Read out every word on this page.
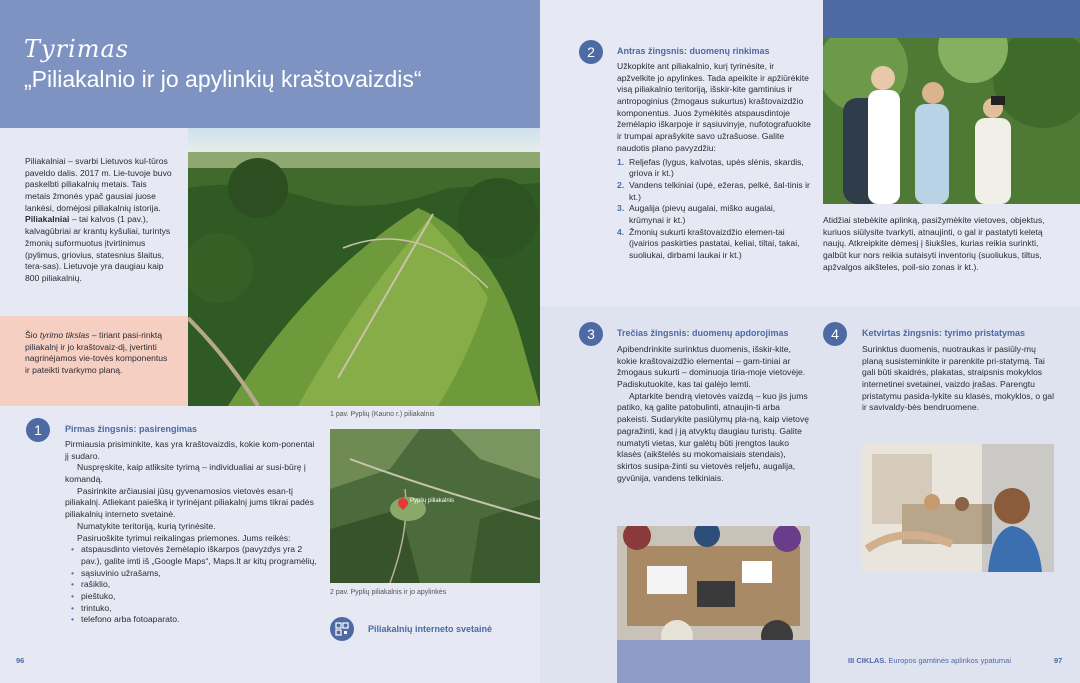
Tyrimas
„Piliakalnio ir jo apylinkių kraštovaizdis“
Piliakalniai – svarbi Lietuvos kul-tūros paveldo dalis. 2017 m. Lie-tuvoje buvo paskelbti piliakalnių metais. Tais metais žmonės ypač gausiai juose lankėsi, domėjosi piliakalnių istorija. Piliakalniai – tai kalvos (1 pav.), kalvagūbriai ar krantų kyšuliai, turintys žmonių suformuotus įtvirtinimus (pylimus, griovius, statesnius šlaitus, tera-sas). Lietuvoje yra daugiau kaip 800 piliakalnių.
Šio tyrimo tikslas – tiriant pasi-rinktą piliakalnį ir jo kraštovaiz-dį, įvertinti nagrinėjamos vie-tovės komponentus ir pateikti tvarkymo planą.
1 pav. Pyplių (Kauno r.) piliakalnis
Pyplių piliakalnis
2 pav. Pyplių piliakalnis ir jo apylinkės
Piliakalnių interneto svetainė
1	Pirmas žingsnis: pasirengimas
Pirmiausia prisiminkite, kas yra kraštovaizdis, kokie kom-ponentai jį sudaro.
Nuspręskite, kaip atliksite tyrimą – individualiai ar susi-būrę į komandą.
Pasirinkite arčiausiai jūsų gyvenamosios vietovės esan-tį piliakalnį. Atliekant paiešką ir tyrinėjant piliakalnį jums tikrai padės piliakalnių interneto svetainė.
Numatykite teritoriją, kurią tyrinėsite.
Pasiruoškite tyrimui reikalingas priemones. Jums reikės:
• atspausdinto vietovės žemėlapio iškarpos (pavyzdys yra 2 pav.), galite imti iš „Google Maps“, Maps.lt ar kitų programėlių,
• sąsiuvinio užrašams,
• rašiklio,
• pieštuko,
• trintuko,
• telefono arba fotoaparato.
96
2	Antras žingsnis: duomenų rinkimas
Užkopkite ant piliakalnio, kurį tyrinėsite, ir apžvelkite jo apylinkes. Tada apeikite ir apžiūrėkite visą piliakalnio teritoriją, išskir-kite gamtinius ir antropoginius (žmogaus sukurtus) kraštovaizdžio komponentus. Juos žymėkitės atspausdintoje žemėlapio iškarpoje ir sąsiuvinyje, nufotografuokite ir trumpai aprašykite savo užrašuose. Galite naudotis plano pavyzdžiu:
1. Reljefas (lygus, kalvotas, upės slėnis, skardis, griova ir kt.)
2. Vandens telkiniai (upė, ežeras, pelkė, šal-tinis ir kt.)
3. Augalija (pievų augalai, miško augalai, krūmynai ir kt.)
4. Žmonių sukurti kraštovaizdžio elemen-tai (įvairios paskirties pastatai, keliai, tiltai, takai, suoliukai, dirbami laukai ir kt.)
Atidžiai stebėkite aplinką, pasižymėkite vietoves, objektus, kuriuos siūlysite tvarkyti, atnaujinti, o gal ir pastatyti keletą naujų. Atkreipkite dėmesį į šiukšles, kurias reikia surinkti, galbūt kur nors reikia sutaisyti inventorių (suoliukus, tiltus, apžvalgos aikšteles, poil-sio zonas ir kt.).
3	Trečias žingsnis: duomenų apdorojimas
Apibendrinkite surinktus duomenis, išskir-kite, kokie kraštovaizdžio elementai – gam-tiniai ar žmogaus sukurti – dominuoja tiria-moje vietovėje. Padiskutuokite, kas tai galėjo lemti.
Aptarkite bendrą vietovės vaizdą – kuo jis jums patiko, ką galite patobulinti, atnaujin-ti arba pakeisti. Sudarykite pasiūlymų pla-ną, kaip vietovę pagražinti, kad į ją atvyktų daugiau turistų. Galite numatyti vietas, kur galėtų būti įrengtos lauko klasės (aikštelės su mokomaisiais stendais), skirtos susipa-žinti su vietovės reljefu, augalija, gyvūnija, vandens telkiniais.
4	Ketvirtas žingsnis: tyrimo pristatymas
Surinktus duomenis, nuotraukas ir pasiūly-mų planą susisteminkite ir parenkite pri-statymą. Tai gali būti skaidrės, plakatas, straipsnis mokyklos internetinei svetainei, vaizdo įrašas. Parengtu pristatymu pasida-lykite su klasės, mokyklos, o gal ir savivaldy-bės bendruomene.
III CIKLAS. Europos gamtinės aplinkos ypatumai	97
